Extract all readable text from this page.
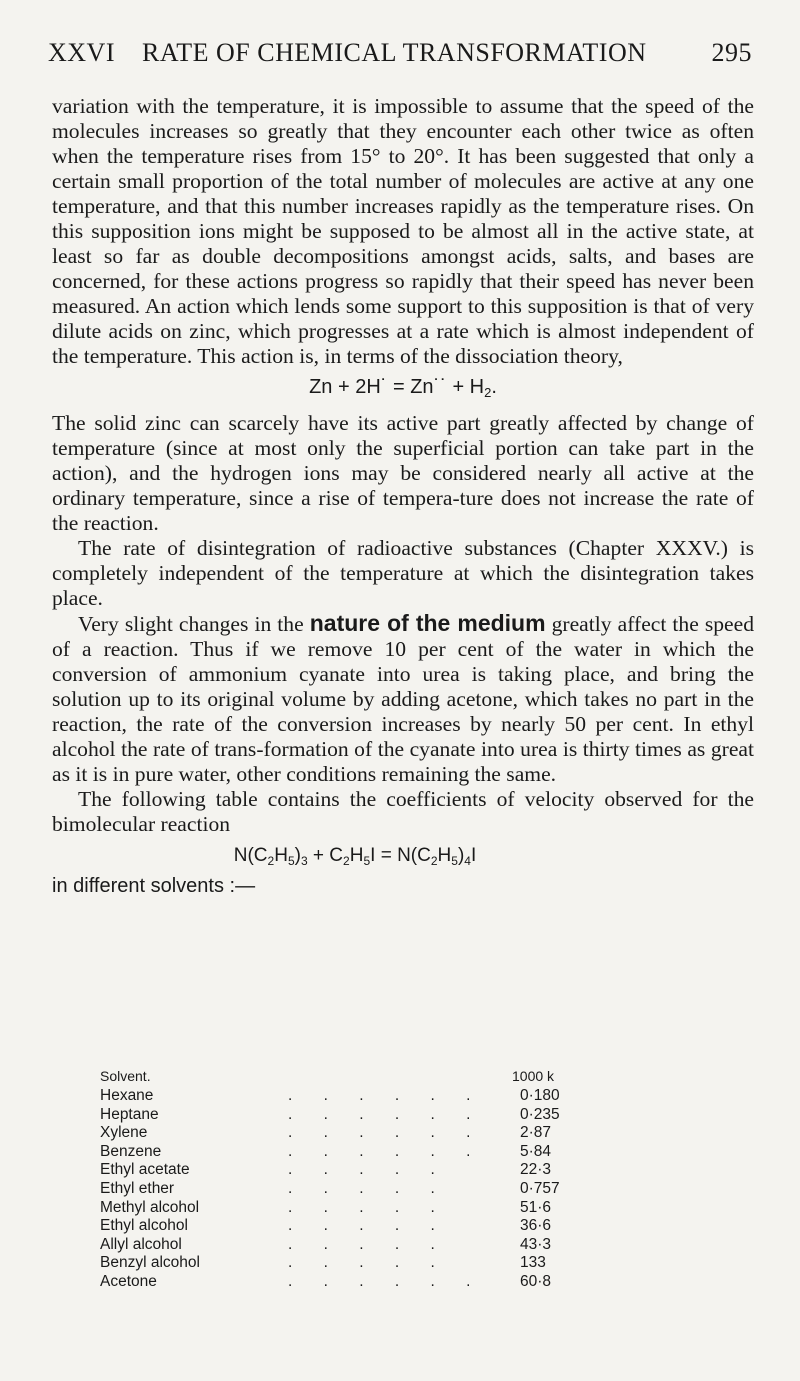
XXVI RATE OF CHEMICAL TRANSFORMATION	295

variation with the temperature, it is impossible to assume that the speed of the molecules increases so greatly that they encounter each other twice as often when the temperature rises from 15° to 20°. It has been suggested that only a certain small proportion of the total number of molecules are active at any one temperature, and that this number increases rapidly as the temperature rises. On this supposition ions might be supposed to be almost all in the active state, at least so far as double decompositions amongst acids, salts, and bases are concerned, for these actions progress so rapidly that their speed has never been measured. An action which lends some support to this supposition is that of very dilute acids on zinc, which progresses at a rate which is almost independent of the temperature. This action is, in terms of the dissociation theory,

Zn + 2H˙ = Zn˙˙ + $H_2$.

The solid zinc can scarcely have its active part greatly affected by change of temperature (since at most only the superficial portion can take part in the action), and the hydrogen ions may be considered nearly all active at the ordinary temperature, since a rise of tempera-ture does not increase the rate of the reaction.

The rate of disintegration of radioactive substances (Chapter XXXV.) is completely independent of the temperature at which the disintegration takes place.

Very slight changes in the nature of the medium greatly affect the speed of a reaction. Thus if we remove 10 per cent of the water in which the conversion of ammonium cyanate into urea is taking place, and bring the solution up to its original volume by adding acetone, which takes no part in the reaction, the rate of the conversion increases by nearly 50 per cent. In ethyl alcohol the rate of trans-formation of the cyanate into urea is thirty times as great as it is in pure water, other conditions remaining the same.

The following table contains the coefficients of velocity observed for the bimolecular reaction

$N(C_2H_5)_3 + C_2H_5I = N(C_2H_5)_4I$

in different solvents :—

Solvent.	1000 k
Hexane	. . . . . . 0·180
Heptane	. . . . . . 0·235
Xylene	. . . . . . 2·87
Benzene	. . . . . . 5·84
Ethyl acetate	. . . . .	22·3
Ethyl ether	. . . . .	0·757
Methyl alcohol	. . . . .	51·6
Ethyl alcohol	. . . . .	36·6
Allyl alcohol	. . . . .	43·3
Benzyl alcohol	. . . . .	133
Acetone	. . . . . . 60·8
